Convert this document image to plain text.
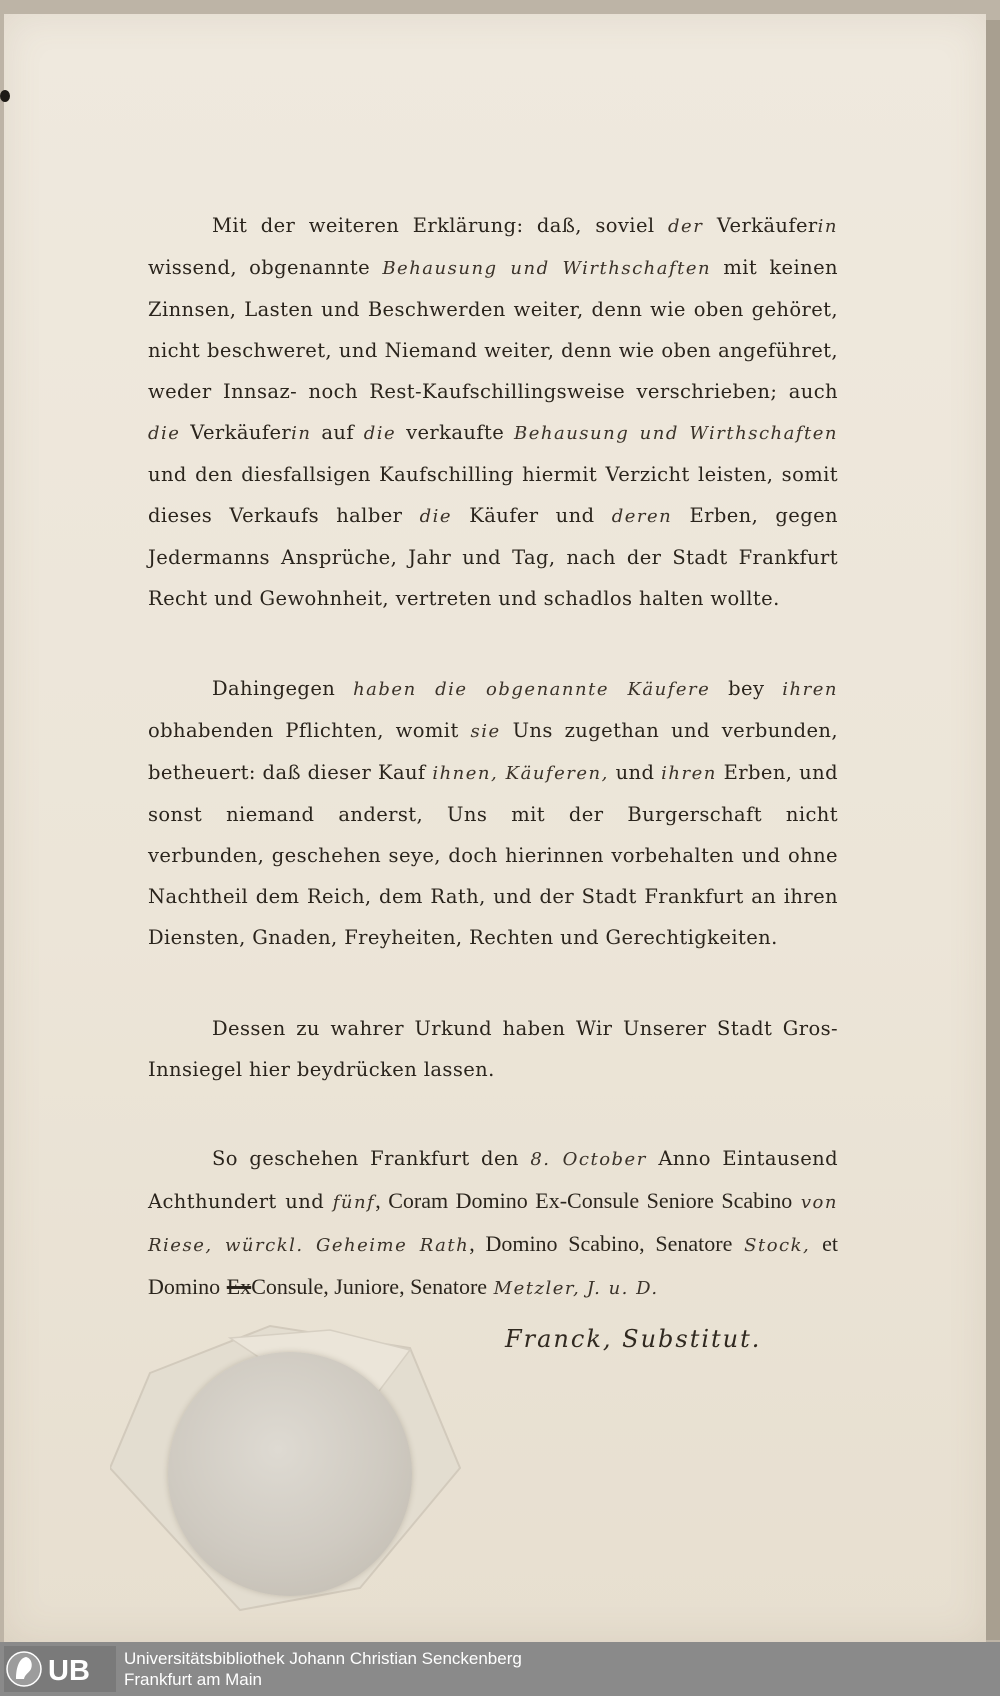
Mit der weiteren Erklärung: daß, soviel der Verkäuferin wissend, obgenannte Behausung und Wirthschaften mit keinen Zinnsen, Lasten und Beschwerden weiter, denn wie oben gehöret, nicht beschweret, und Niemand weiter, denn wie oben angeführet, weder Innsaz- noch Rest-Kaufschillingsweise verschrieben; auch die Verkäuferin auf die verkaufte Behausung und Wirthschaften und den diesfallsigen Kaufschilling hiermit Verzicht leisten, somit dieses Verkaufs halber die Käufer und deren Erben, gegen Jedermanns Ansprüche, Jahr und Tag, nach der Stadt Frankfurt Recht und Gewohnheit, vertreten und schadlos halten wollte.

Dahingegen haben die obgenannte Käufere bey ihren obhabenden Pflichten, womit sie Uns zugethan und verbunden, betheuert: daß dieser Kauf ihnen, Käuferen, und ihren Erben, und sonst niemand anderst, Uns mit der Burgerschaft nicht verbunden, geschehen seye, doch hierinnen vorbehalten und ohne Nachtheil dem Reich, dem Rath, und der Stadt Frankfurt an ihren Diensten, Gnaden, Freyheiten, Rechten und Gerechtigkeiten.

Dessen zu wahrer Urkund haben Wir Unserer Stadt Gros-Innsiegel hier beydrücken lassen.

So geschehen Frankfurt den 8. October Anno Eintausend Achthundert und fünf, Coram Domino Ex-Consule Seniore Scabino von Riese, würckl. Geheime Rath, Domino Scabino, Senatore Stock, et Domino ExConsule, Juniore, Senatore Metzler, J. u. D.

Franck, Substitut.
UB Universitätsbibliothek Johann Christian Senckenberg
Frankfurt am Main
